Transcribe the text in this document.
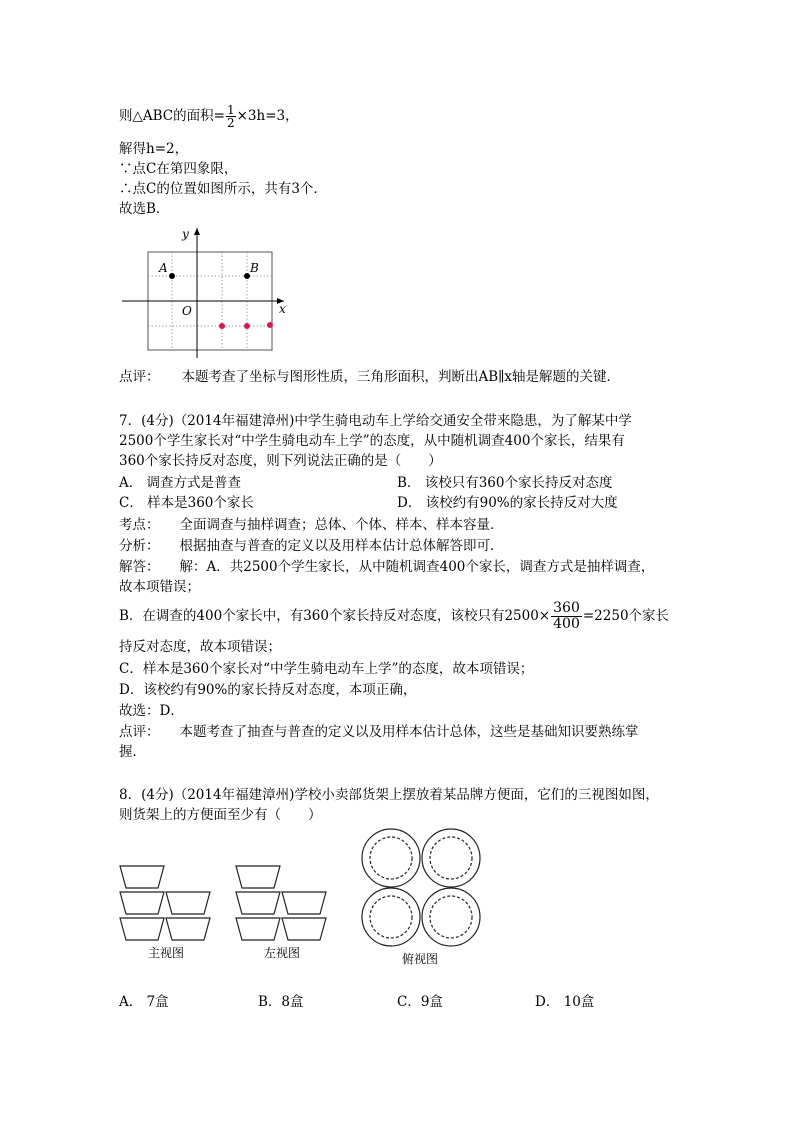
则△ABC的面积= $\frac{1}{2} \times 3h=3$，
解得h=2，
∵点C在第四象限，
∴点C的位置如图所示，共有3个．
故选B．
y
x
O
A	B
点评： 本题考查了坐标与图形性质，三角形面积，判断出AB∥x轴是解题的关键．
7．(4分)（2014年福建漳州)中学生骑电动车上学给交通安全带来隐患，为了解某中学
2500个学生家长对“中学生骑电动车上学”的态度，从中随机调查400个家长，结果有
360个家长持反对态度，则下列说法正确的是（　　）
A． 调查方式是普查	B． 该校只有360个家长持反对态度
C． 样本是360个家长	D． 该校约有90%的家长持反对大度
考点： 全面调查与抽样调查；总体、个体、样本、样本容量．
分析： 根据抽查与普查的定义以及用样本估计总体解答即可．
解答： 解：A．共2500个学生家长，从中随机调查400个家长，调查方式是抽样调查，
故本项错误；
B．在调查的400个家长中，有360个家长持反对态度，该校只有$2500\times \frac{360}{400} =2250$个家长
持反对态度，故本项错误；
C．样本是360个家长对“中学生骑电动车上学”的态度，故本项错误；
D．该校约有90%的家长持反对态度，本项正确，
故选：D．
点评： 本题考查了抽查与普查的定义以及用样本估计总体，这些是基础知识要熟练掌
握．
8．(4分)（2014年福建漳州)学校小卖部货架上摆放着某品牌方便面，它们的三视图如图，
则货架上的方便面至少有（　　）
主视图	左视图	俯视图
A． 7盒	B．8盒	C．9盒	D． 10盒
